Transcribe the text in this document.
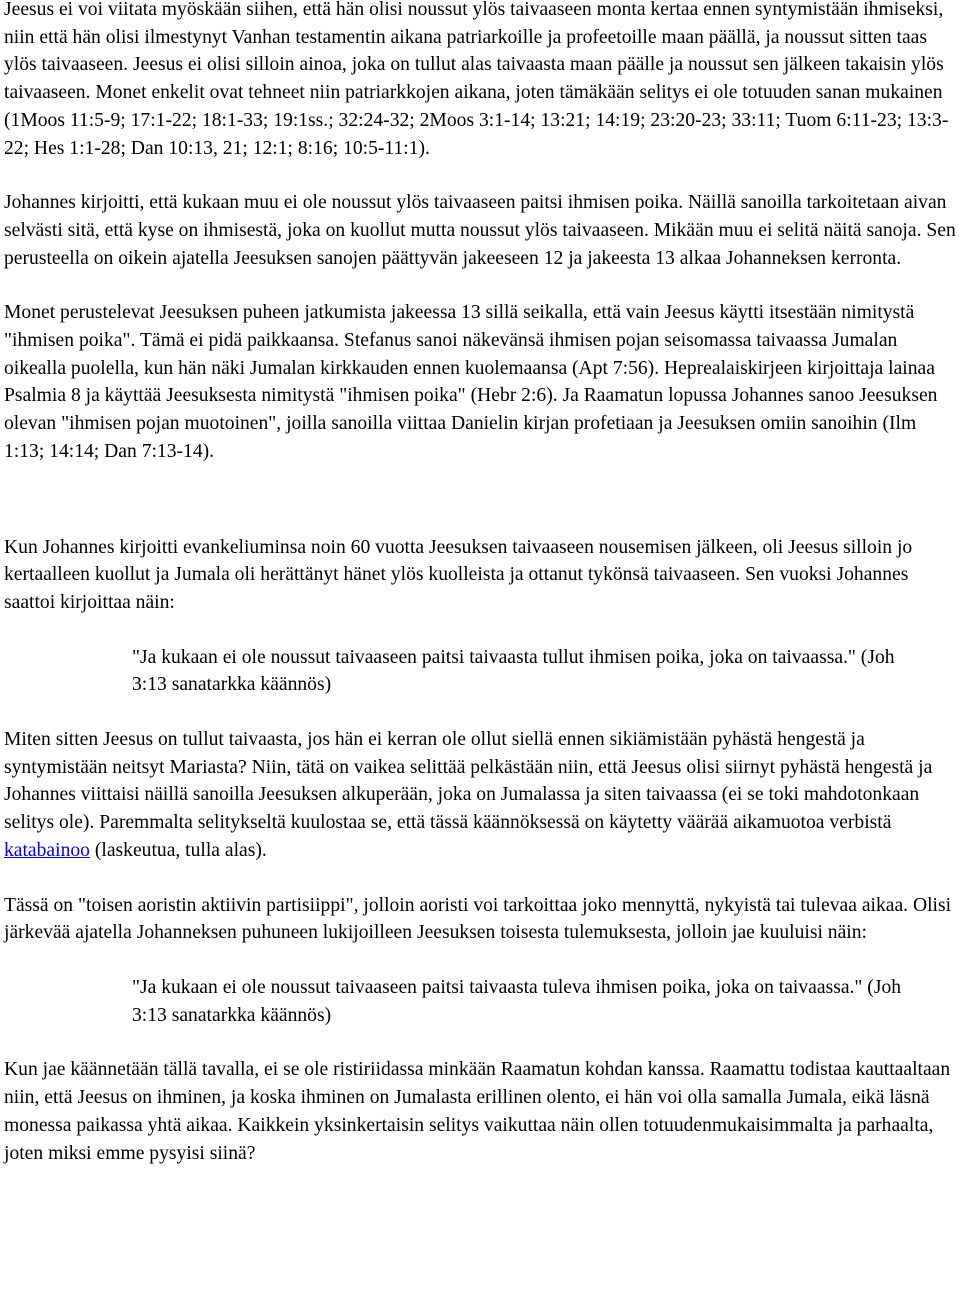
Jeesus ei voi viitata myöskään siihen, että hän olisi noussut ylös taivaaseen monta kertaa ennen syntymistään ihmiseksi, niin että hän olisi ilmestynyt Vanhan testamentin aikana patriarkoille ja profeetoille maan päällä, ja noussut sitten taas ylös taivaaseen. Jeesus ei olisi silloin ainoa, joka on tullut alas taivaasta maan päälle ja noussut sen jälkeen takaisin ylös taivaaseen. Monet enkelit ovat tehneet niin patriarkkojen aikana, joten tämäkään selitys ei ole totuuden sanan mukainen (1Moos 11:5-9; 17:1-22; 18:1-33; 19:1ss.; 32:24-32; 2Moos 3:1-14; 13:21; 14:19; 23:20-23; 33:11; Tuom 6:11-23; 13:3-22; Hes 1:1-28; Dan 10:13, 21; 12:1; 8:16; 10:5-11:1).

Johannes kirjoitti, että kukaan muu ei ole noussut ylös taivaaseen paitsi ihmisen poika. Näillä sanoilla tarkoitetaan aivan selvästi sitä, että kyse on ihmisestä, joka on kuollut mutta noussut ylös taivaaseen. Mikään muu ei selitä näitä sanoja. Sen perusteella on oikein ajatella Jeesuksen sanojen päättyvän jakeeseen 12 ja jakeesta 13 alkaa Johanneksen kerronta.

Monet perustelevat Jeesuksen puheen jatkumista jakeessa 13 sillä seikalla, että vain Jeesus käytti itsestään nimitystä "ihmisen poika". Tämä ei pidä paikkaansa. Stefanus sanoi näkevänsä ihmisen pojan seisomassa taivaassa Jumalan oikealla puolella, kun hän näki Jumalan kirkkauden ennen kuolemaansa (Apt 7:56). Heprealaiskirjeen kirjoittaja lainaa Psalmia 8 ja käyttää Jeesuksesta nimitystä "ihmisen poika" (Hebr 2:6). Ja Raamatun lopussa Johannes sanoo Jeesuksen olevan "ihmisen pojan muotoinen", joilla sanoilla viittaa Danielin kirjan profetiaan ja Jeesuksen omiin sanoihin (Ilm 1:13; 14:14; Dan 7:13-14).

Kun Johannes kirjoitti evankeliuminsa noin 60 vuotta Jeesuksen taivaaseen nousemisen jälkeen, oli Jeesus silloin jo kertaalleen kuollut ja Jumala oli herättänyt hänet ylös kuolleista ja ottanut tykönsä taivaaseen. Sen vuoksi Johannes saattoi kirjoittaa näin:

"Ja kukaan ei ole noussut taivaaseen paitsi taivaasta tullut ihmisen poika, joka on taivaassa." (Joh 3:13 sanatarkka käännös)

Miten sitten Jeesus on tullut taivaasta, jos hän ei kerran ole ollut siellä ennen sikiämistään pyhästä hengestä ja syntymistään neitsyt Mariasta? Niin, tätä on vaikea selittää pelkästään niin, että Jeesus olisi siirnyt pyhästä hengestä ja Johannes viittaisi näillä sanoilla Jeesuksen alkuperään, joka on Jumalassa ja siten taivaassa (ei se toki mahdotonkaan selitys ole). Paremmalta selitykseltä kuulostaa se, että tässä käännöksessä on käytetty väärää aikamuotoa verbistä katabainoo (laskeutua, tulla alas).

Tässä on "toisen aoristin aktiivin partisiippi", jolloin aoristi voi tarkoittaa joko mennyttä, nykyistä tai tulevaa aikaa. Olisi järkevää ajatella Johanneksen puhuneen lukijoilleen Jeesuksen toisesta tulemuksesta, jolloin jae kuuluisi näin:

"Ja kukaan ei ole noussut taivaaseen paitsi taivaasta tuleva ihmisen poika, joka on taivaassa." (Joh 3:13 sanatarkka käännös)

Kun jae käännetään tällä tavalla, ei se ole ristiriidassa minkään Raamatun kohdan kanssa. Raamattu todistaa kauttaaltaan niin, että Jeesus on ihminen, ja koska ihminen on Jumalasta erillinen olento, ei hän voi olla samalla Jumala, eikä läsnä monessa paikassa yhtä aikaa. Kaikkein yksinkertaisin selitys vaikuttaa näin ollen totuudenmukaisimmalta ja parhaalta, joten miksi emme pysyisi siinä?
